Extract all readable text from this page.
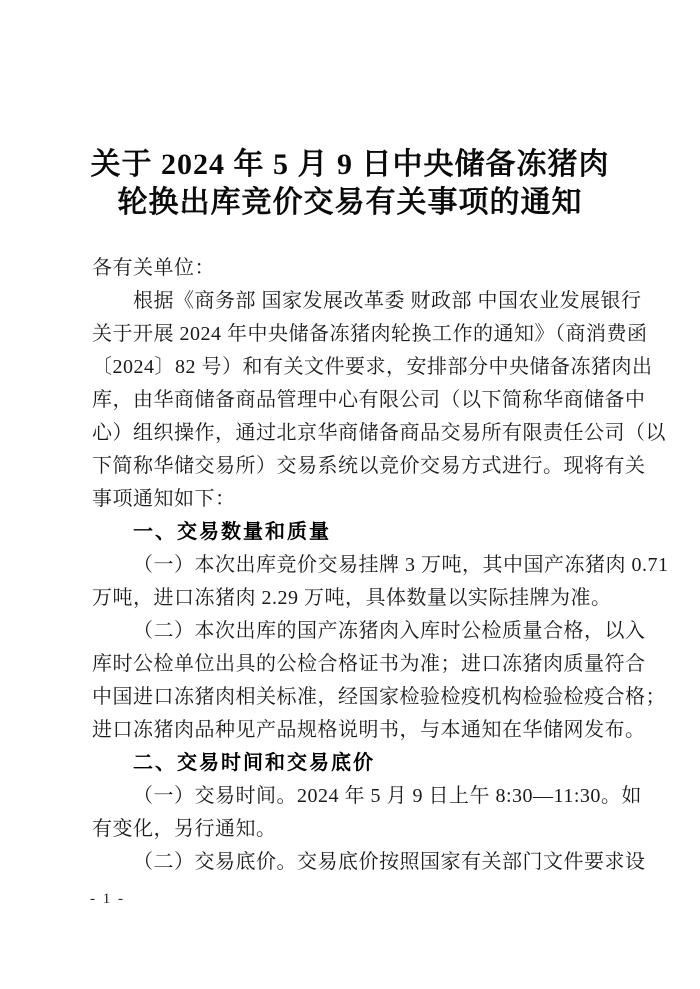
关于 2024 年 5 月 9 日中央储备冻猪肉
轮换出库竞价交易有关事项的通知
各有关单位：
根据《商务部 国家发展改革委 财政部 中国农业发展银行
关于开展 2024 年中央储备冻猪肉轮换工作的通知》（商消费函
〔2024〕82 号）和有关文件要求，安排部分中央储备冻猪肉出
库，由华商储备商品管理中心有限公司（以下简称华商储备中
心）组织操作，通过北京华商储备商品交易所有限责任公司（以
下简称华储交易所）交易系统以竞价交易方式进行。现将有关
事项通知如下：
一、交易数量和质量
（一）本次出库竞价交易挂牌 3 万吨，其中国产冻猪肉 0.71
万吨，进口冻猪肉 2.29 万吨，具体数量以实际挂牌为准。
（二）本次出库的国产冻猪肉入库时公检质量合格，以入
库时公检单位出具的公检合格证书为准；进口冻猪肉质量符合
中国进口冻猪肉相关标准，经国家检验检疫机构检验检疫合格；
进口冻猪肉品种见产品规格说明书，与本通知在华储网发布。
二、交易时间和交易底价
（一）交易时间。2024 年 5 月 9 日上午 8:30—11:30。如
有变化，另行通知。
（二）交易底价。交易底价按照国家有关部门文件要求设
- 1 -
